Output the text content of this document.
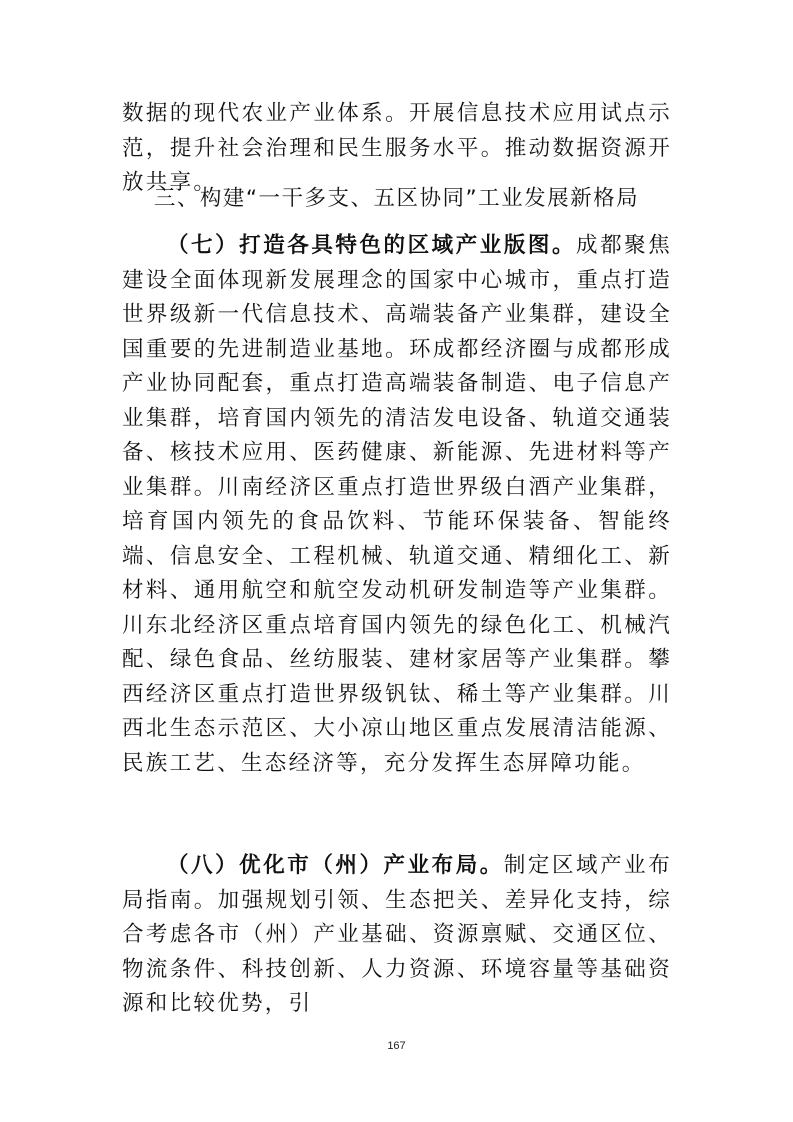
数据的现代农业产业体系。开展信息技术应用试点示范，提升社会治理和民生服务水平。推动数据资源开放共享。
三、构建“一干多支、五区协同”工业发展新格局
（七）打造各具特色的区域产业版图。成都聚焦建设全面体现新发展理念的国家中心城市，重点打造世界级新一代信息技术、高端装备产业集群，建设全国重要的先进制造业基地。环成都经济圈与成都形成产业协同配套，重点打造高端装备制造、电子信息产业集群，培育国内领先的清洁发电设备、轨道交通装备、核技术应用、医药健康、新能源、先进材料等产业集群。川南经济区重点打造世界级白酒产业集群，培育国内领先的食品饮料、节能环保装备、智能终端、信息安全、工程机械、轨道交通、精细化工、新材料、通用航空和航空发动机研发制造等产业集群。川东北经济区重点培育国内领先的绿色化工、机械汽配、绿色食品、丝纺服装、建材家居等产业集群。攀西经济区重点打造世界级钒钛、稀土等产业集群。川西北生态示范区、大小凉山地区重点发展清洁能源、民族工艺、生态经济等，充分发挥生态屏障功能。
（八）优化市（州）产业布局。制定区域产业布局指南。加强规划引领、生态把关、差异化支持，综合考虑各市（州）产业基础、资源禀赋、交通区位、物流条件、科技创新、人力资源、环境容量等基础资源和比较优势，引
167
